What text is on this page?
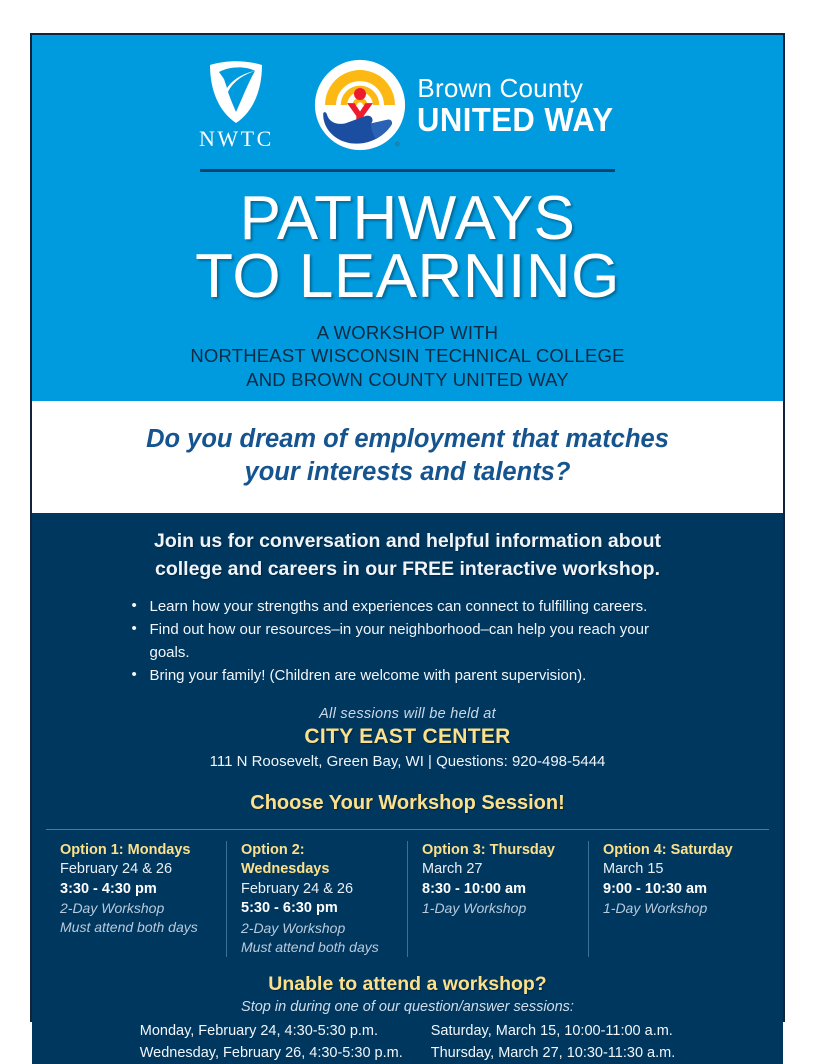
NWTC	®
Brown County
UNITED WAY
PATHWAYS
TO LEARNING
A WORKSHOP WITH
NORTHEAST WISCONSIN TECHNICAL COLLEGE
AND BROWN COUNTY UNITED WAY
Do you dream of employment that matches
your interests and talents?
Join us for conversation and helpful information about
college and careers in our FREE interactive workshop.
• Learn how your strengths and experiences can connect to fulfilling careers.
• Find out how our resources–in your neighborhood–can help you reach your goals.
• Bring your family! (Children are welcome with parent supervision).
All sessions will be held at
CITY EAST CENTER
111 N Roosevelt, Green Bay, WI | Questions: 920-498-5444
Choose Your Workshop Session!
Option 1: Mondays
February 24 & 26
3:30 - 4:30 pm
2-Day Workshop
Must attend both days
Option 2: Wednesdays
February 24 & 26
5:30 - 6:30 pm
2-Day Workshop
Must attend both days
Option 3: Thursday
March 27
8:30 - 10:00 am
1-Day Workshop
Option 4: Saturday
March 15
9:00 - 10:30 am
1-Day Workshop
Unable to attend a workshop?
Stop in during one of our question/answer sessions:
Monday, February 24, 4:30-5:30 p.m.
Wednesday, February 26, 4:30-5:30 p.m.
Saturday, March 15, 10:00-11:00 a.m.
Thursday, March 27, 10:30-11:30 a.m.
